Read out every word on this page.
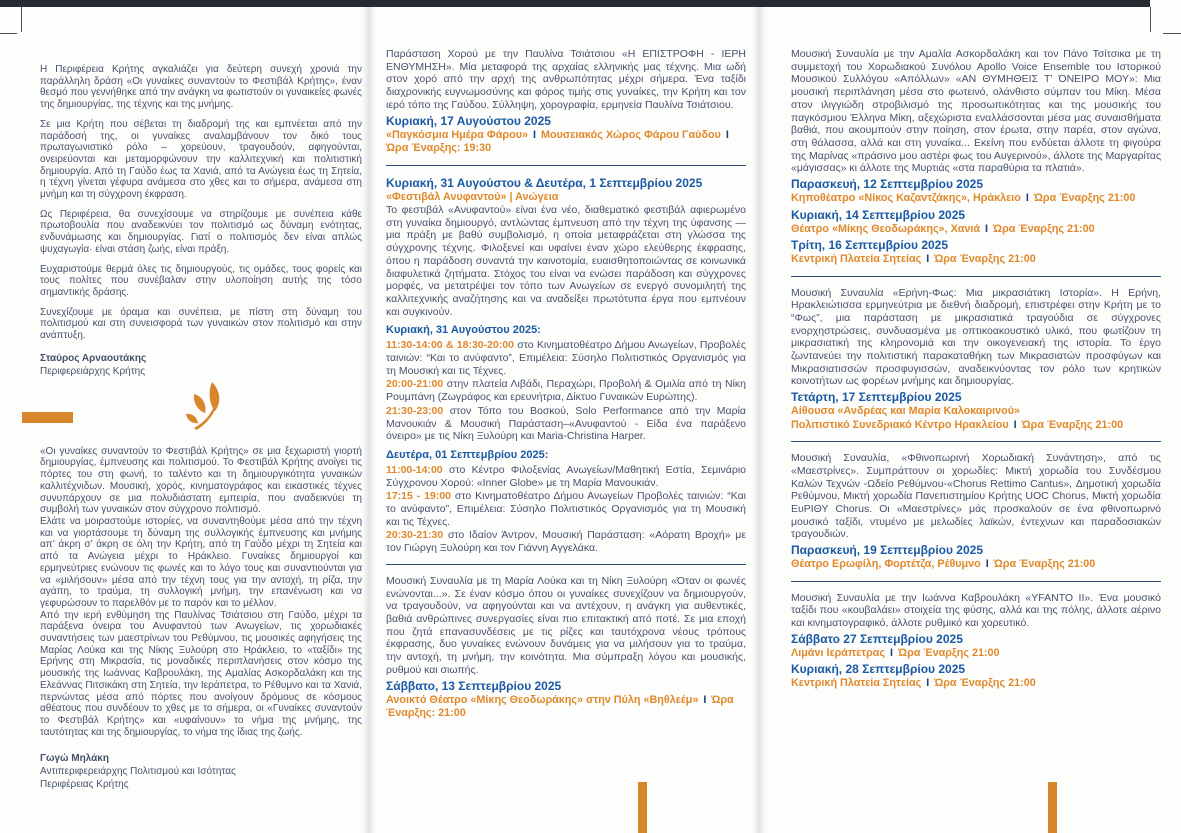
Η Περιφέρεια Κρήτης αγκαλιάζει για δεύτερη συνεχή χρονιά την παράλληλη δράση «Οι γυναίκες συναντούν το Φεστιβάλ Κρήτης», έναν θεσμό που γεννήθηκε από την ανάγκη να φωτιστούν οι γυναικείες φωνές της δημιουργίας, της τέχνης και της μνήμης.

Σε μια Κρήτη που σέβεται τη διαδρομή της και εμπνέεται από την παράδοσή της, οι γυναίκες αναλαμβάνουν τον δικό τους πρωταγωνιστικό ρόλο – χορεύουν, τραγουδούν, αφηγούνται, ονειρεύονται και μεταμορφώνουν την καλλιτεχνική και πολιτιστική δημιουργία. Από τη Γαύδο έως τα Χανιά, από τα Ανώγεια έως τη Σητεία, η τέχνη γίνεται γέφυρα ανάμεσα στο χθες και το σήμερα, ανάμεσα στη μνήμη και τη σύγχρονη έκφραση.

Ως Περιφέρεια, θα συνεχίσουμε να στηρίζουμε με συνέπεια κάθε πρωτοβουλία που αναδεικνύει τον πολιτισμό ως δύναμη ενότητας, ενδυνάμωσης και δημιουργίας. Γιατί ο πολιτισμός δεν είναι απλώς ψυχαγωγία· είναι στάση ζωής, είναι πράξη.

Ευχαριστούμε θερμά όλες τις δημιουργούς, τις ομάδες, τους φορείς και τους πολίτες που συνέβαλαν στην υλοποίηση αυτής της τόσο σημαντικής δράσης.

Συνεχίζουμε με όραμα και συνέπεια, με πίστη στη δύναμη του πολιτισμού και στη συνεισφορά των γυναικών στον πολιτισμό και στην ανάπτυξη.

Σταύρος Αρναουτάκης

Περιφερειάρχης Κρήτης

«Οι γυναίκες συναντούν το Φεστιβάλ Κρήτης» σε μια ξεχωριστή γιορτή δημιουργίας, έμπνευσης και πολιτισμού. Το Φεστιβάλ Κρήτης ανοίγει τις πόρτες του στη φωνή, το ταλέντο και τη δημιουργικότητα γυναικών καλλιτέχνιδων. Μουσική, χορός, κινηματογράφος και εικαστικές τέχνες συνυπάρχουν σε μια πολυδιάστατη εμπειρία, που αναδεικνύει τη συμβολή των γυναικών στον σύγχρονο πολιτισμό.

Ελάτε να μοιραστούμε ιστορίες, να συναντηθούμε μέσα από την τέχνη και να γιορτάσουμε τη δύναμη της συλλογικής έμπνευσης και μνήμης απ’ άκρη σ’ άκρη σε όλη την Κρήτη, από τη Γαύδο μέχρι τη Σητεία και από τα Ανώγεια μέχρι το Ηράκλειο. Γυναίκες δημιουργοί και ερμηνεύτριες ενώνουν τις φωνές και το λόγο τους και συναντιούνται για να «μιλήσουν» μέσα από την τέχνη τους για την αντοχή, τη ρίζα, την αγάπη, το τραύμα, τη συλλογική μνήμη, την επανένωση και να γεφυρώσουν το παρελθόν με το παρόν και το μέλλον.

Από την ιερή ενθύμηση της Παυλίνας Τσιάτσιου στη Γαύδο, μέχρι τα παράξενα όνειρα του Ανυφαντού των Ανωγείων, τις χορωδιακές συναντήσεις των μαεστρίνων του Ρεθύμνου, τις μουσικές αφηγήσεις της Μαρίας Λούκα και της Νίκης Ξυλούρη στο Ηράκλειο, το «ταξίδι» της Ερήνης στη Μικρασία, τις μοναδικές περιπλανήσεις στον κόσμο της μουσικής της Ιωάννας Καβρουλάκη, της Αμαλίας Ασκορδαλάκη και της Ελεάννας Πιτσικάκη στη Σητεία, την Ιεράπετρα, το Ρέθυμνο και τα Χανιά, περνώντας μέσα από πόρτες που ανοίγουν δρόμους σε κόσμους αθέατους που συνδέουν το χθες με το σήμερα, οι «Γυναίκες συναντούν το Φεστιβάλ Κρήτης» και «υφαίνουν» το νήμα της μνήμης, της ταυτότητας και της δημιουργίας, το νήμα της ίδιας της ζωής.

Γωγώ Μηλάκη

Αντιπεριφερειάρχης Πολιτισμού και Ισότητας

Περιφέρειας Κρήτης

Παράσταση Χορού με την Παυλίνα Τσιάτσιου «Η ΕΠΙΣΤΡΟΦΗ - ΙΕΡΗ ΕΝΘΥΜΗΣΗ». Μία μεταφορά της αρχαίας ελληνικής μας τέχνης. Μια ωδή στον χορό από την αρχή της ανθρωπότητας μέχρι σήμερα. Ένα ταξίδι διαχρονικής ευγνωμοσύνης και φόρος τιμής στις γυναίκες, την Κρήτη και τον ιερό τόπο της Γαύδου. Σύλληψη, χορογραφία, ερμηνεία Παυλίνα Τσιάτσιου.

Κυριακή, 17 Αυγούστου 2025

«Παγκόσμια Ημέρα Φάρου» Ι Μουσειακός Χώρος Φάρου Γαύδου Ι Ώρα Έναρξης: 19:30

Κυριακή, 31 Αυγούστου & Δευτέρα, 1 Σεπτεμβρίου 2025

«Φεστιβάλ Ανυφαντού» | Ανώγεια

Το φεστιβάλ «Ανυφαντού» είναι ένα νέο, διαθεματικό φεστιβάλ αφιερωμένο στη γυναίκα δημιουργό, αντλώντας έμπνευση από την τέχνη της ύφανσης — μια πράξη με βαθύ συμβολισμό, η οποία μεταφράζεται στη γλώσσα της σύγχρονης τέχνης. Φιλοξενεί και υφαίνει έναν χώρο ελεύθερης έκφρασης, όπου η παράδοση συναντά την καινοτομία, ευαισθητοποιώντας σε κοινωνικά διαφυλετικά ζητήματα. Στόχος του είναι να ενώσει παράδοση και σύγχρονες μορφές, να μετατρέψει τον τόπο των Ανωγείων σε ενεργό συνομιλητή της καλλιτεχνικής αναζήτησης και να αναδείξει πρωτότυπα έργα που εμπνέουν και συγκινούν.

Κυριακή, 31 Αυγούστου 2025:

11:30-14:00 & 18:30-20:00 στο Κινηματοθέατρο Δήμου Ανωγείων, Προβολές ταινιών: “Και το ανύφαντο”, Επιμέλεια: Σύσηλο Πολιτιστικός Οργανισμός για τη Μουσική και τις Τέχνες.

20:00-21:00 στην πλατεία Λιβάδι, Περαχώρι, Προβολή & Ομιλία από τη Νίκη Ρουμπάνη (Ζωγράφος και ερευνήτρια, Δίκτυο Γυναικών Ευρώπης).

21:30-23:00 στον Τόπο του Βοσκού, Solo Performance από την Μαρία Μανουκιάν & Μουσική Παράσταση–«Ανυφαντού - Είδα ένα παράξενο όνειρο» με τις Νίκη Ξυλούρη και Maria-Christina Harper.

Δευτέρα, 01 Σεπτεμβρίου 2025:

11:00-14:00 στο Κέντρο Φιλοξενίας Ανωγείων/Μαθητική Εστία, Σεμινάριο Σύγχρονου Χορού: «Inner Globe» με τη Μαρία Μανουκιάν.

17:15 - 19:00 στο Κινηματοθέατρο Δήμου Ανωγείων Προβολές ταινιών: “Και το ανύφαντο”, Επιμέλεια: Σύσηλο Πολιτιστικός Οργανισμός για τη Μουσική και τις Τέχνες.

20:30-21:30 στο Ιδαίον Άντρον, Μουσική Παράσταση: «Αόρατη Βροχή» με τον Γιώργη Ξυλούρη και τον Γιάννη Αγγελάκα.

Μουσική Συναυλία με τη Μαρία Λούκα και τη Νίκη Ξυλούρη «Όταν οι φωνές ενώνονται...». Σε έναν κόσμο όπου οι γυναίκες συνεχίζουν να δημιουργούν, να τραγουδούν, να αφηγούνται και να αντέχουν, η ανάγκη για αυθεντικές, βαθιά ανθρώπινες συνεργασίες είναι πιο επιτακτική από ποτέ. Σε μια εποχή που ζητά επανασυνδέσεις με τις ρίζες και ταυτόχρονα νέους τρόπους έκφρασης, δυο γυναίκες ενώνουν δυνάμεις για να μιλήσουν για το τραύμα, την αντοχή, τη μνήμη, την κοινότητα. Μια σύμπραξη λόγου και μουσικής, ρυθμού και σιωπής.

Σάββατο, 13 Σεπτεμβρίου 2025

Ανοικτό Θέατρο «Μίκης Θεοδωράκης» στην Πύλη «Βηθλεέμ» Ι Ώρα Έναρξης: 21:00

Μουσική Συναυλία με την Αμαλία Ασκορδαλάκη και τον Πάνο Τσίτσικα με τη συμμετοχή του Χορωδιακού Συνόλου Apollo Voice Ensemble του Ιστορικού Μουσικού Συλλόγου «Απόλλων» «ΑΝ ΘΥΜΗΘΕΙΣ Τ’ ΌΝΕΙΡΟ ΜΟΥ»: Μια μουσική περιπλάνηση μέσα στο φωτεινό, ολάνθιστο σύμπαν του Μίκη. Μέσα στον ιλιγγιώδη στροβιλισμό της προσωπικότητας και της μουσικής του παγκόσμιου Έλληνα Μίκη, αξεχώριστα εναλλάσσονται μέσα μας συναισθήματα βαθιά, που ακουμπούν στην ποίηση, στον έρωτα, στην παρέα, στον αγώνα, στη θάλασσα, αλλά και στη γυναίκα... Εκείνη που ενδύεται άλλοτε τη φιγούρα της Μαρίνας «πράσινο μου αστέρι φως του Αυγερινού», άλλοτε της Μαργαρίτας «μάγισσας» κι άλλοτε της Μυρτιάς «στα παραθύρια τα πλατιά».

Παρασκευή, 12 Σεπτεμβρίου 2025

Κηποθέατρο «Νίκος Καζαντζάκης», Ηράκλειο Ι Ώρα Έναρξης 21:00

Κυριακή, 14 Σεπτεμβρίου 2025

Θέατρο «Μίκης Θεοδωράκης», Χανιά Ι Ώρα Έναρξης 21:00

Τρίτη, 16 Σεπτεμβρίου 2025

Κεντρική Πλατεία Σητείας Ι Ώρα Έναρξης 21:00

Μουσική Συναυλία «Ερήνη-Φως: Μια μικρασιάτικη Ιστορία». Η Ερήνη, Ηρακλειώτισσα ερμηνεύτρια με διεθνή διαδρομή, επιστρέφει στην Κρήτη με το “Φως”, μια παράσταση με μικρασιατικά τραγούδια σε σύγχρονες ενορχηστρώσεις, συνδυασμένα με οπτικοακουστικό υλικό, που φωτίζουν τη μικρασιατική της κληρονομιά και την οικογενειακή της ιστορία. Το έργο ζωντανεύει την πολιτιστική παρακαταθήκη των Μικρασιατών προσφύγων και Μικρασιατισσών προσφυγισσών, αναδεικνύοντας τον ρόλο των κρητικών κοινοτήτων ως φορέων μνήμης και δημιουργίας.

Τετάρτη, 17 Σεπτεμβρίου 2025

Αίθουσα «Ανδρέας και Μαρία Καλοκαιρινού»

Πολιτιστικό Συνεδριακό Κέντρο Ηρακλείου Ι Ώρα Έναρξης 21:00

Μουσική Συναυλία, «Φθινοπωρινή Χορωδιακή Συνάντηση», από τις «Μαεστρίνες». Συμπράττουν οι χορωδίες: Μικτή χορωδία του Συνδέσμου Καλών Τεχνών -Ωδείο Ρεθύμνου-«Chorus Rettimo Cantus», Δημοτική χορωδία Ρεθύμνου, Μικτή χορωδία Πανεπιστημίου Κρήτης UOC Chorus, Μικτή χορωδία ΕυΡΙΘΥ Chorus. Οι «Μαεστρίνες» μάς προσκαλούν σε ένα φθινοπωρινό μουσικό ταξίδι, ντυμένο με μελωδίες λαϊκών, έντεχνων και παραδοσιακών τραγουδιών.

Παρασκευή, 19 Σεπτεμβρίου 2025

Θέατρο Ερωφίλη, Φορτέτζα, Ρέθυμνο Ι Ώρα Έναρξης 21:00

Μουσική Συναυλία με την Ιωάννα Καβρουλάκη «YFANTO II». Ένα μουσικό ταξίδι που «κουβαλάει» στοιχεία της φύσης, αλλά και της πόλης, άλλοτε αέρινο και κινηματογραφικό, άλλοτε ρυθμικό και χορευτικό.

Σάββατο 27 Σεπτεμβρίου 2025

Λιμάνι Ιεράπετρας Ι Ώρα Έναρξης 21:00

Κυριακή, 28 Σεπτεμβρίου 2025

Κεντρική Πλατεία Σητείας Ι Ώρα Έναρξης 21:00
